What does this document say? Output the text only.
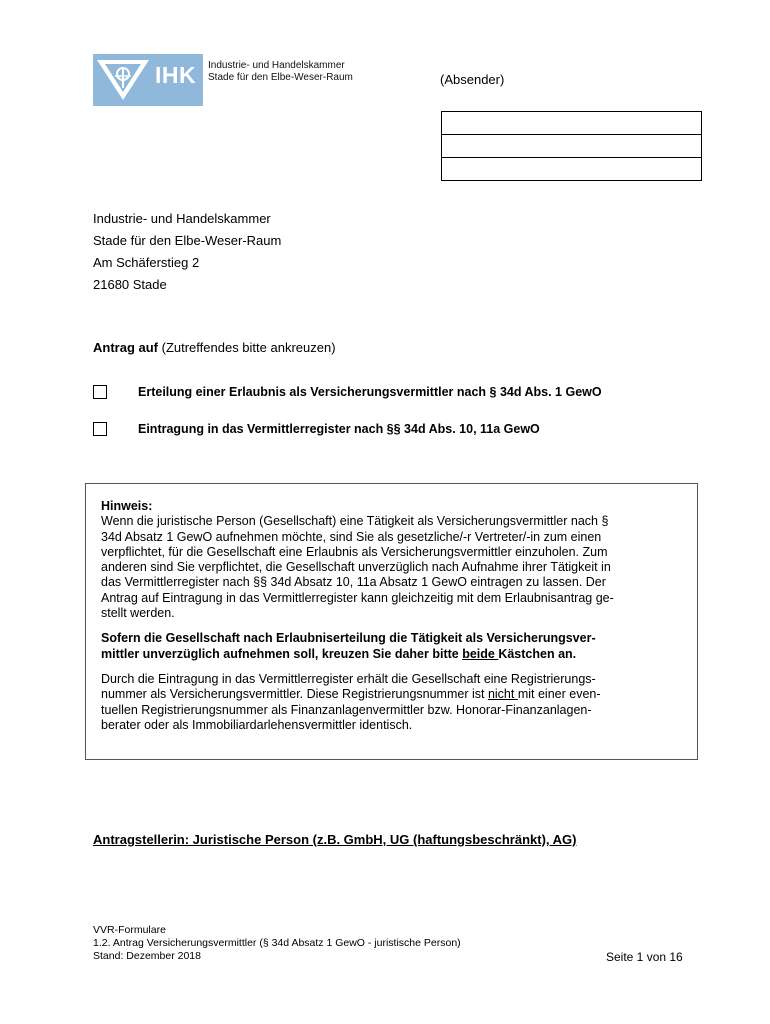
IHK Industrie- und Handelskammer
Stade für den Elbe-Weser-Raum	(Absender)

Industrie- und Handelskammer
Stade für den Elbe-Weser-Raum
Am Schäferstieg 2
21680 Stade
Antrag auf (Zutreffendes bitte ankreuzen)
Erteilung einer Erlaubnis als Versicherungsvermittler nach § 34d Abs. 1 GewO
Eintragung in das Vermittlerregister nach §§ 34d Abs. 10, 11a GewO

Hinweis:
Wenn die juristische Person (Gesellschaft) eine Tätigkeit als Versicherungsvermittler nach §
34d Absatz 1 GewO aufnehmen möchte, sind Sie als gesetzliche/-r Vertreter/-in zum einen
verpflichtet, für die Gesellschaft eine Erlaubnis als Versicherungsvermittler einzuholen. Zum
anderen sind Sie verpflichtet, die Gesellschaft unverzüglich nach Aufnahme ihrer Tätigkeit in
das Vermittlerregister nach §§ 34d Absatz 10, 11a Absatz 1 GewO eintragen zu lassen. Der
Antrag auf Eintragung in das Vermittlerregister kann gleichzeitig mit dem Erlaubnisantrag ge-
stellt werden.

Sofern die Gesellschaft nach Erlaubniserteilung die Tätigkeit als Versicherungsver-
mittler unverzüglich aufnehmen soll, kreuzen Sie daher bitte beide Kästchen an.

Durch die Eintragung in das Vermittlerregister erhält die Gesellschaft eine Registrierungs-
nummer als Versicherungsvermittler. Diese Registrierungsnummer ist nicht mit einer even-
tuellen Registrierungsnummer als Finanzanlagenvermittler bzw. Honorar-Finanzanlagen-
berater oder als Immobiliardarlehensvermittler identisch.

Antragstellerin: Juristische Person (z.B. GmbH, UG (haftungsbeschränkt), AG)
VVR-Formulare
1.2. Antrag Versicherungsvermittler (§ 34d Absatz 1 GewO - juristische Person)
Stand: Dezember 2018	Seite 1 von 16
